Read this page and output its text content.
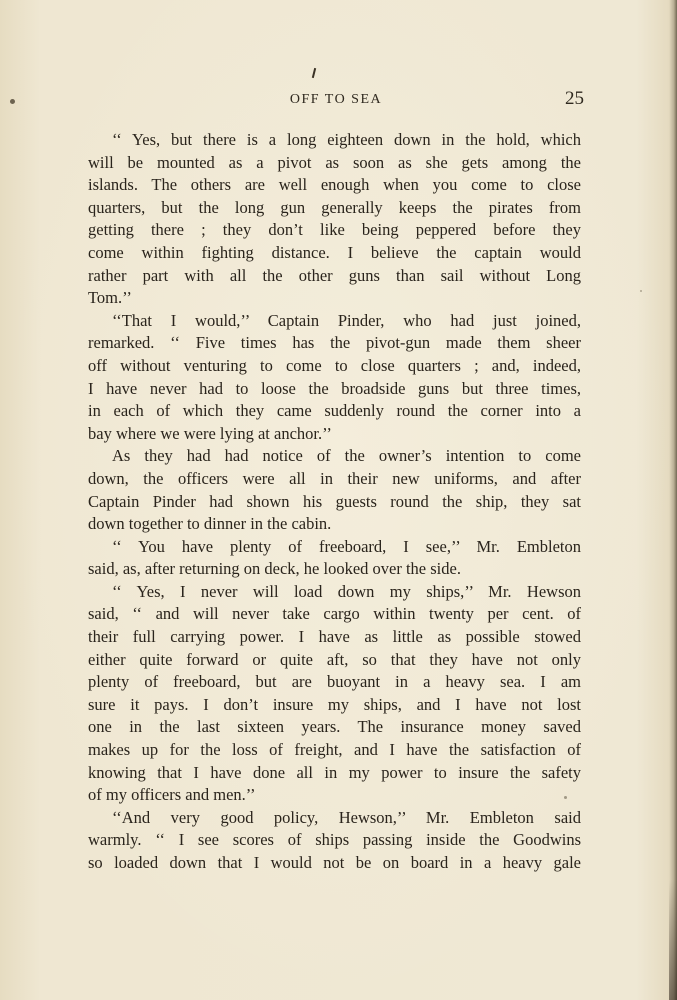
OFF TO SEA	25
‘‘ Yes, but there is a long eighteen down in the hold, which
will be mounted as a pivot as soon as she gets among the
islands. The others are well enough when you come to close
quarters, but the long gun generally keeps the pirates from
getting there ; they don’t like being peppered before they
come within fighting distance. I believe the captain would
rather part with all the other guns than sail without Long
Tom.’’
‘‘That I would,’’ Captain Pinder, who had just joined,
remarked. ‘‘ Five times has the pivot-gun made them sheer
off without venturing to come to close quarters ; and, indeed,
I have never had to loose the broadside guns but three times,
in each of which they came suddenly round the corner into a
bay where we were lying at anchor.’’
As they had had notice of the owner’s intention to come
down, the officers were all in their new uniforms, and after
Captain Pinder had shown his guests round the ship, they sat
down together to dinner in the cabin.
‘‘ You have plenty of freeboard, I see,’’ Mr. Embleton
said, as, after returning on deck, he looked over the side.
‘‘ Yes, I never will load down my ships,’’ Mr. Hewson
said, ‘‘ and will never take cargo within twenty per cent. of
their full carrying power. I have as little as possible stowed
either quite forward or quite aft, so that they have not only
plenty of freeboard, but are buoyant in a heavy sea. I am
sure it pays. I don’t insure my ships, and I have not lost
one in the last sixteen years. The insurance money saved
makes up for the loss of freight, and I have the satisfaction of
knowing that I have done all in my power to insure the safety
of my officers and men.’’
‘‘And very good policy, Hewson,’’ Mr. Embleton said
warmly. ‘‘ I see scores of ships passing inside the Goodwins
so loaded down that I would not be on board in a heavy gale
